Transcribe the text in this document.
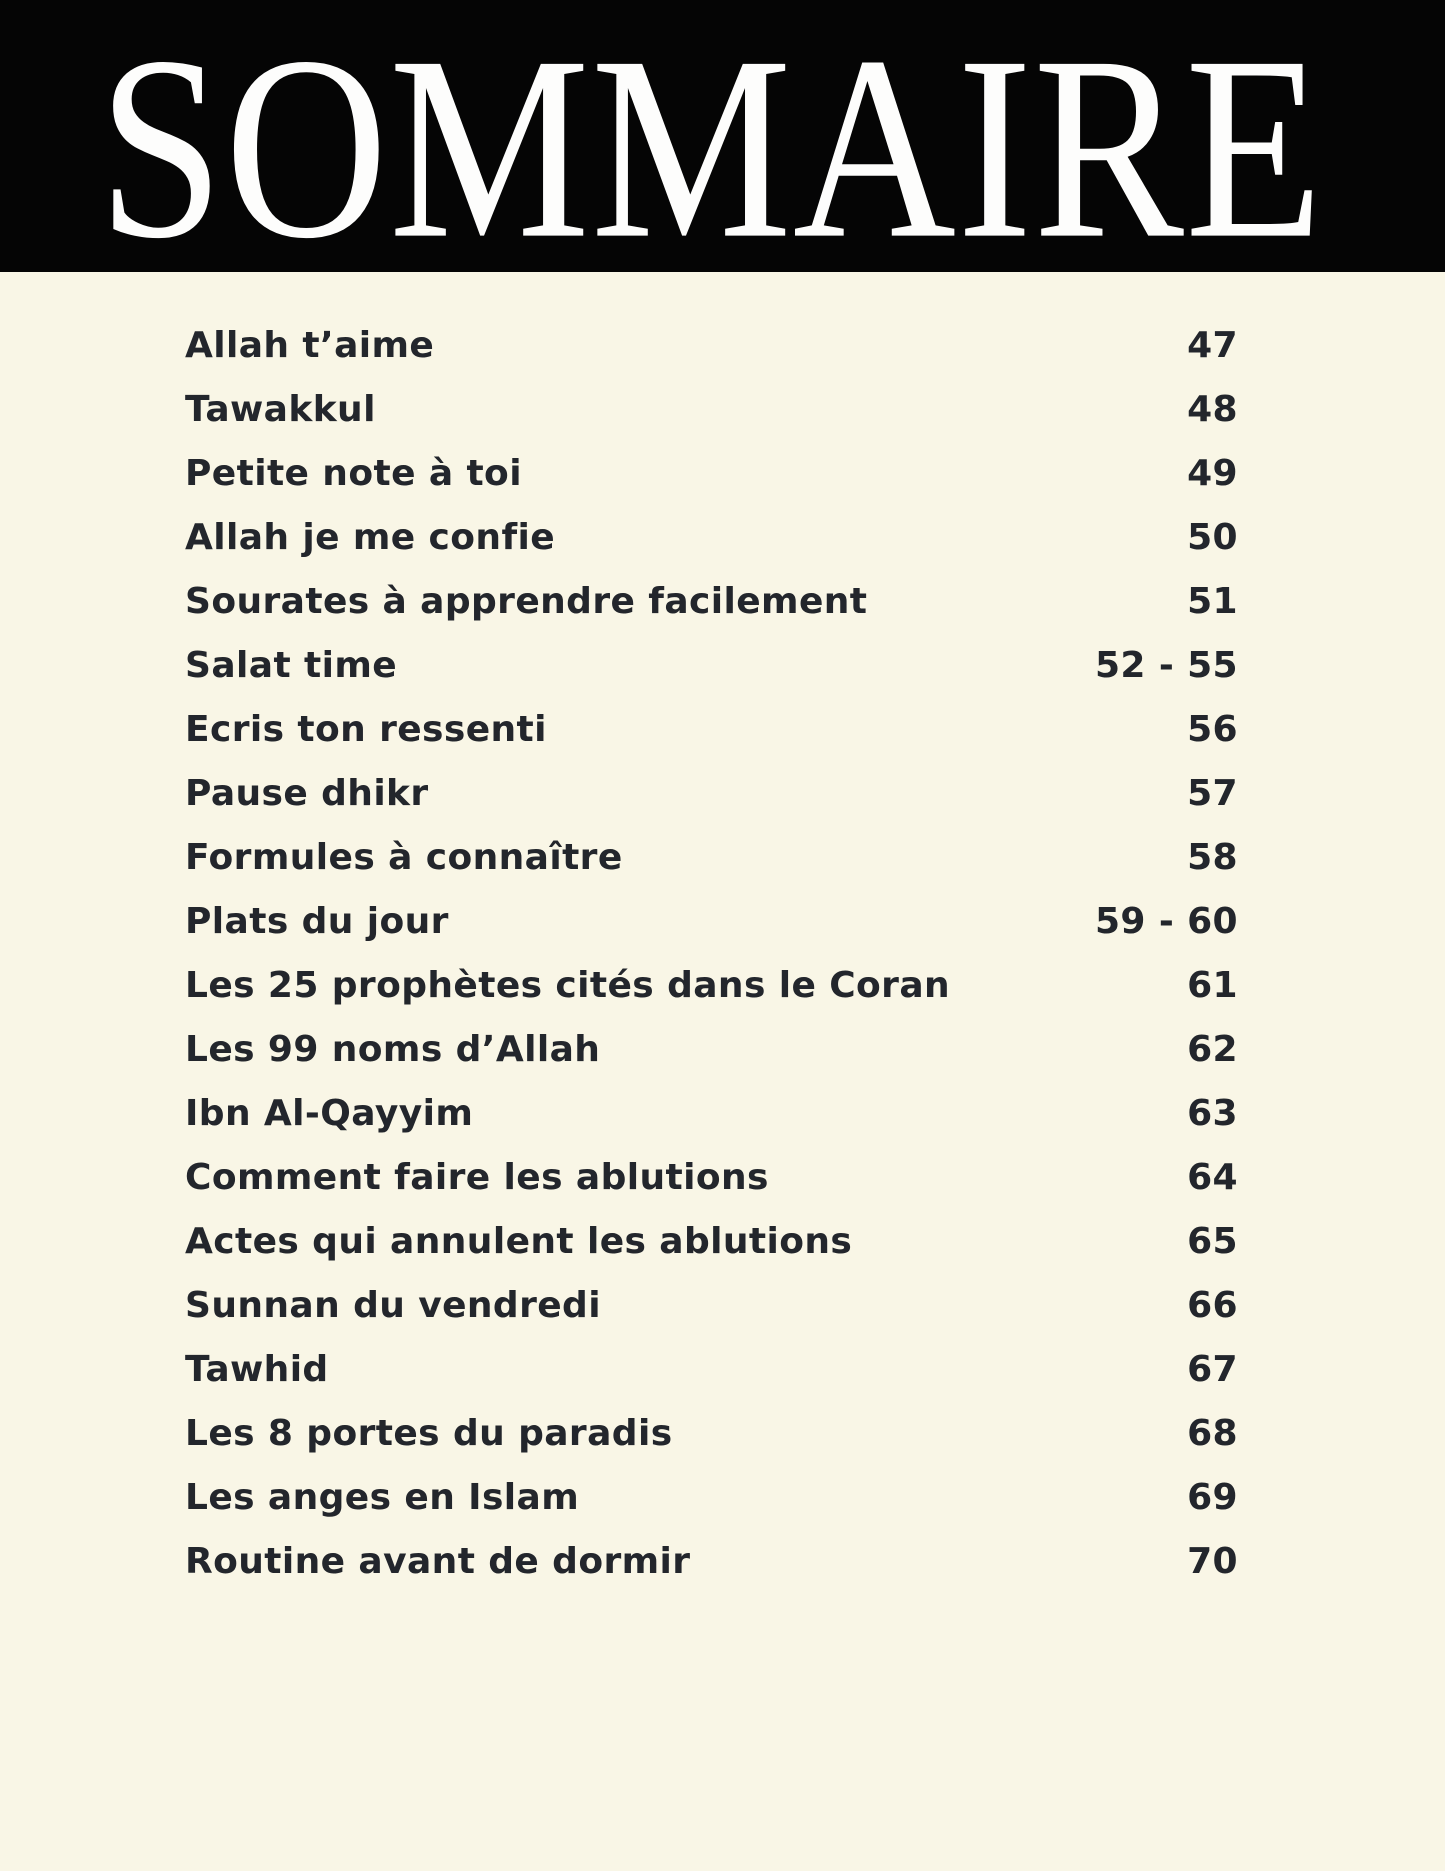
SOMMAIRE
Allah t’aime	47
Tawakkul	48
Petite note à toi	49
Allah je me confie	50
Sourates à apprendre facilement	51
Salat time	52 - 55
Ecris ton ressenti	56
Pause dhikr	57
Formules à connaître	58
Plats du jour	59 - 60
Les 25 prophètes cités dans le Coran	61
Les 99 noms d’Allah	62
Ibn Al-Qayyim	63
Comment faire les ablutions	64
Actes qui annulent les ablutions	65
Sunnan du vendredi	66
Tawhid	67
Les 8 portes du paradis	68
Les anges en Islam	69
Routine avant de dormir	70
